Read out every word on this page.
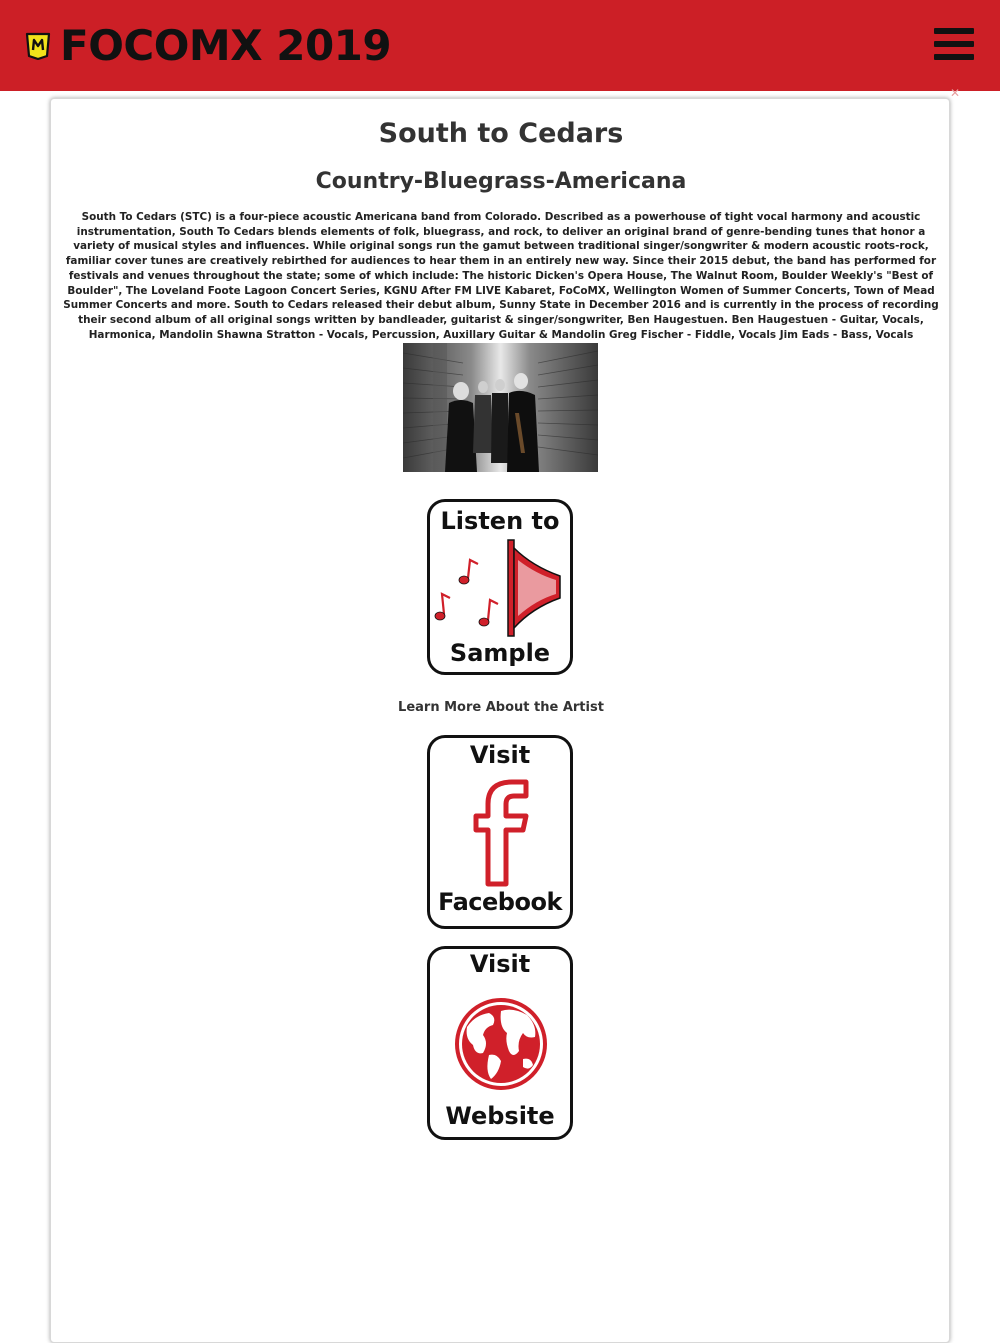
FOCOMX 2019
✕
South to Cedars
Country-Bluegrass-Americana
South To Cedars (STC) is a four-piece acoustic Americana band from Colorado. Described as a powerhouse of tight vocal harmony and acoustic instrumentation, South To Cedars blends elements of folk, bluegrass, and rock, to deliver an original brand of genre-bending tunes that honor a variety of musical styles and influences. While original songs run the gamut between traditional singer/songwriter & modern acoustic roots-rock, familiar cover tunes are creatively rebirthed for audiences to hear them in an entirely new way. Since their 2015 debut, the band has performed for festivals and venues throughout the state; some of which include: The historic Dicken's Opera House, The Walnut Room, Boulder Weekly's "Best of Boulder", The Loveland Foote Lagoon Concert Series, KGNU After FM LIVE Kabaret, FoCoMX, Wellington Women of Summer Concerts, Town of Mead Summer Concerts and more. South to Cedars released their debut album, Sunny State in December 2016 and is currently in the process of recording their second album of all original songs written by bandleader, guitarist & singer/songwriter, Ben Haugestuen. Ben Haugestuen - Guitar, Vocals, Harmonica, Mandolin Shawna Stratton - Vocals, Percussion, Auxillary Guitar & Mandolin Greg Fischer - Fiddle, Vocals Jim Eads - Bass, Vocals
Listen to
Sample
Learn More About the Artist
Visit
Facebook
Visit
Website
